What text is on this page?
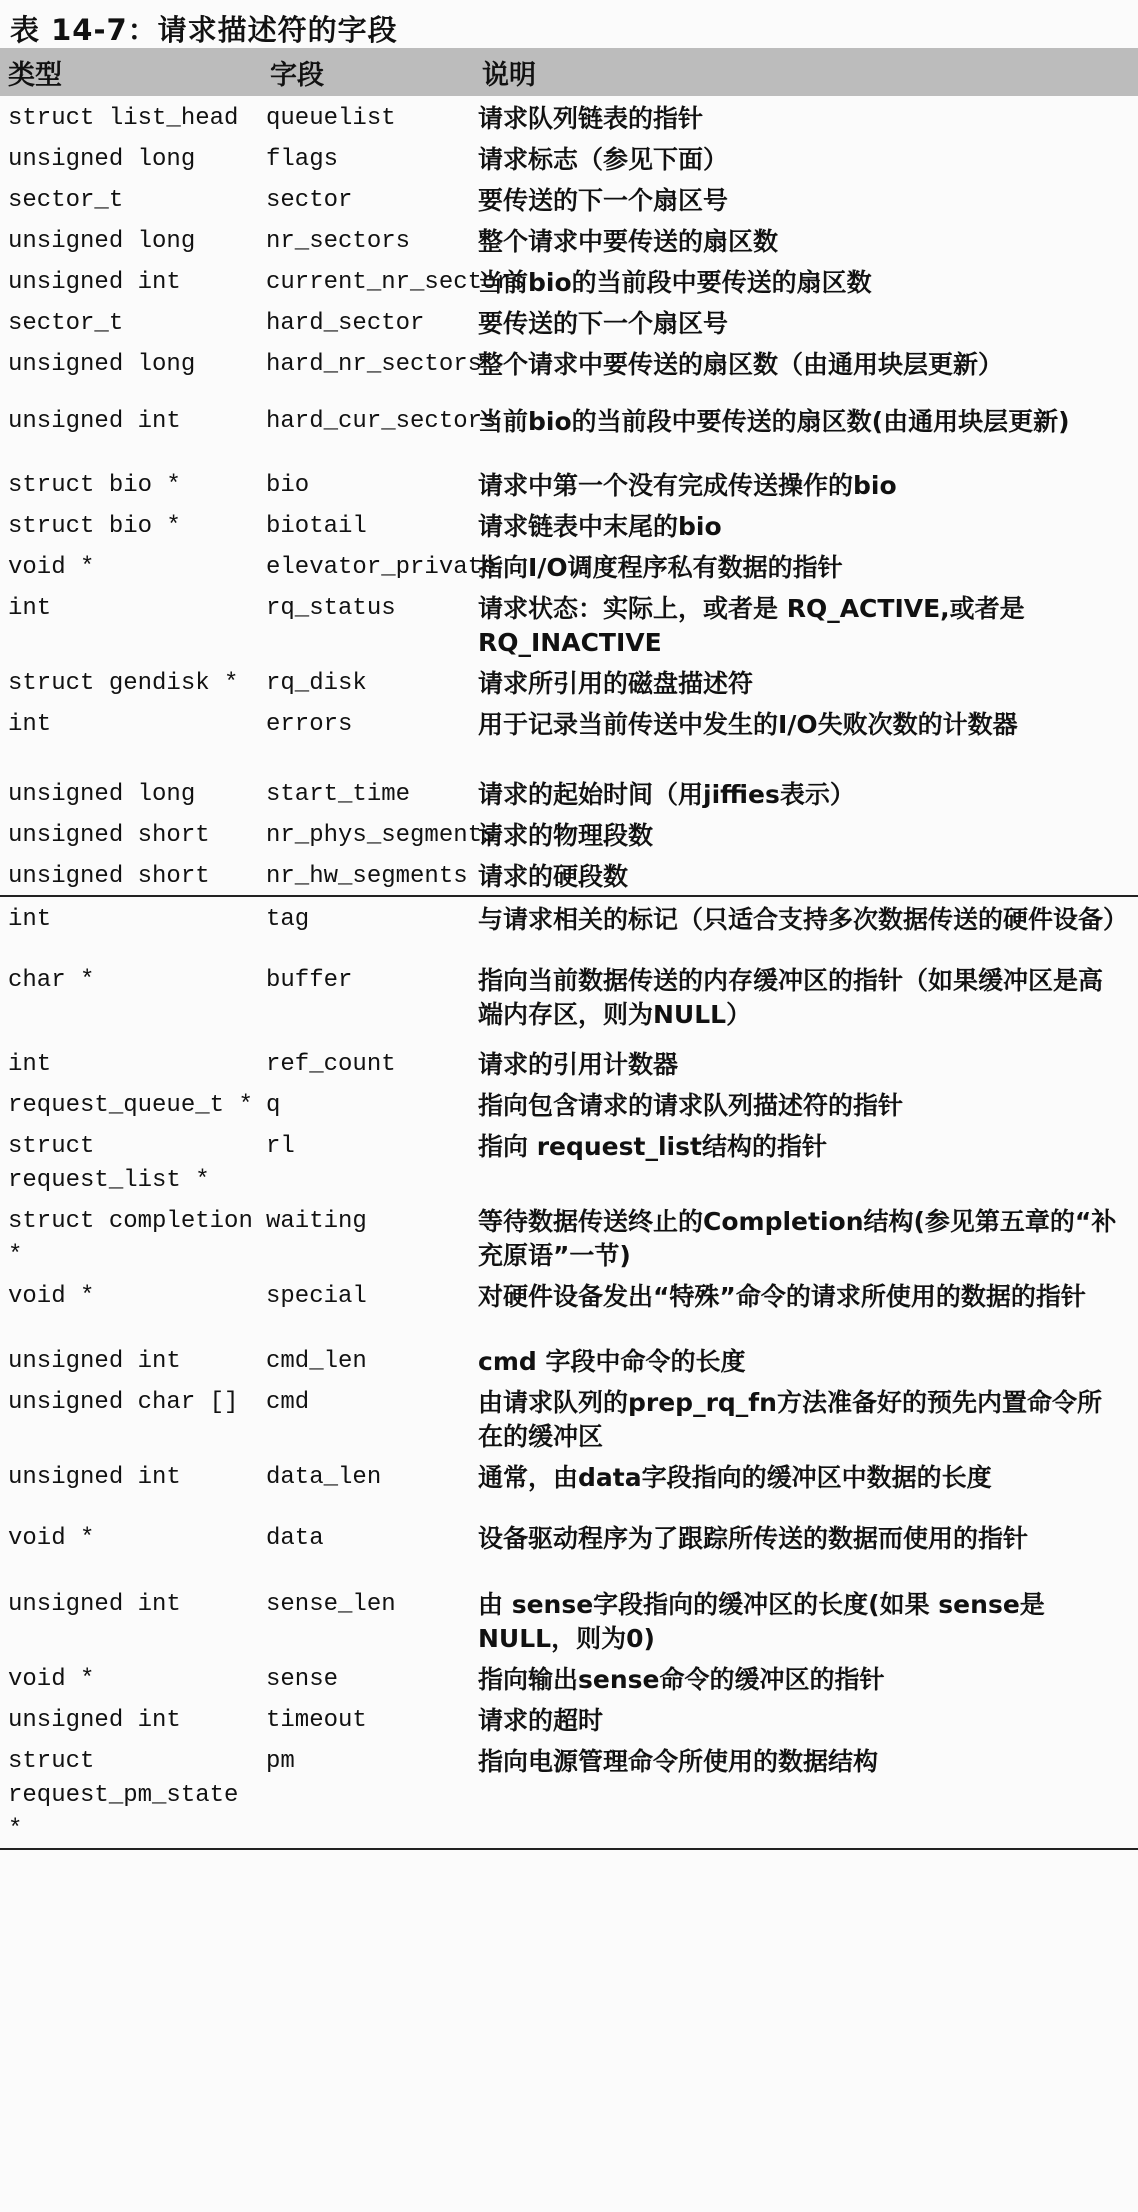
表 14-7：请求描述符的字段
类型	字段	说明
struct list_head	queuelist	请求队列链表的指针
unsigned long	flags	请求标志（参见下面）
sector_t	sector	要传送的下一个扇区号
unsigned long	nr_sectors	整个请求中要传送的扇区数
unsigned int	current_nr_sectors	当前bio的当前段中要传送的扇区数
sector_t	hard_sector	要传送的下一个扇区号
unsigned long	hard_nr_sectors	整个请求中要传送的扇区数（由通用块层更新）
unsigned int	hard_cur_sectors	当前bio的当前段中要传送的扇区数(由通用块层更新)
struct bio *	bio	请求中第一个没有完成传送操作的bio
struct bio *	biotail	请求链表中末尾的bio
void *	elevator_private	指向I/O调度程序私有数据的指针
int	rq_status	请求状态：实际上，或者是 RQ_ACTIVE,或者是 RQ_INACTIVE
struct gendisk *	rq_disk	请求所引用的磁盘描述符
int	errors	用于记录当前传送中发生的I/O失败次数的计数器
unsigned long	start_time	请求的起始时间（用jiffies表示）
unsigned short	nr_phys_segments	请求的物理段数
unsigned short	nr_hw_segments	请求的硬段数
int	tag	与请求相关的标记（只适合支持多次数据传送的硬件设备）
char *	buffer	指向当前数据传送的内存缓冲区的指针（如果缓冲区是高端内存区，则为NULL）
int	ref_count	请求的引用计数器
request_queue_t *	q	指向包含请求的请求队列描述符的指针
struct request_list *	rl	指向 request_list结构的指针
struct completion *	waiting	等待数据传送终止的Completion结构(参见第五章的“补充原语”一节)
void *	special	对硬件设备发出“特殊”命令的请求所使用的数据的指针
unsigned int	cmd_len	cmd 字段中命令的长度
unsigned char []	cmd	由请求队列的prep_rq_fn方法准备好的预先内置命令所在的缓冲区
unsigned int	data_len	通常，由data字段指向的缓冲区中数据的长度
void *	data	设备驱动程序为了跟踪所传送的数据而使用的指针
unsigned int	sense_len	由 sense字段指向的缓冲区的长度(如果 sense是 NULL，则为0)
void *	sense	指向输出sense命令的缓冲区的指针
unsigned int	timeout	请求的超时
struct request_pm_state *	pm	指向电源管理命令所使用的数据结构
